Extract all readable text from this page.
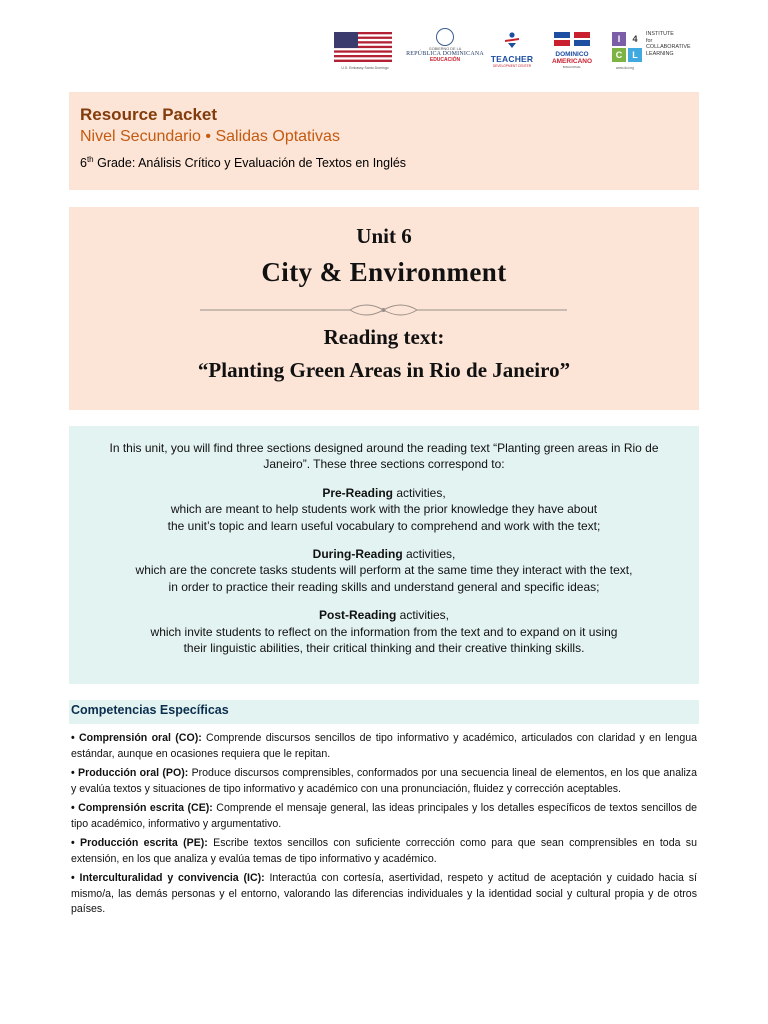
U.S. Embassy Santo Domingo
GOBIERNO DE LA
REPÚBLICA DOMINICANA
EDUCACIÓN	TEACHER
DEVELOPMENT CENTER
DOMINICO
AMERICANO
BINACIONAL
I	4
C	L
INSTITUTE
for
COLLABORATIVE
LEARNING
www.i4cl.org
Resource Packet
Nivel Secundario • Salidas Optativas
6th Grade: Análisis Crítico y Evaluación de Textos en Inglés
Unit 6
City & Environment
Reading text:
“Planting Green Areas in Rio de Janeiro”

In this unit, you will find three sections designed around the reading text “Planting green areas in Rio de

Janeiro”. These three sections correspond to:

Pre-Reading activities,

which are meant to help students work with the prior knowledge they have about

the unit’s topic and learn useful vocabulary to comprehend and work with the text;

During-Reading activities,

which are the concrete tasks students will perform at the same time they interact with the text,

in order to practice their reading skills and understand general and specific ideas;

Post-Reading activities,

which invite students to reflect on the information from the text and to expand on it using

their linguistic abilities, their critical thinking and their creative thinking skills.

Competencias Específicas
• Comprensión oral (CO): Comprende discursos sencillos de tipo informativo y académico, articulados con claridad y en lengua estándar, aunque en ocasiones requiera que le repitan.
• Producción oral (PO): Produce discursos comprensibles, conformados por una secuencia lineal de elementos, en los que analiza y evalúa textos y situaciones de tipo informativo y académico con una pronunciación, fluidez y corrección aceptables.
• Comprensión escrita (CE): Comprende el mensaje general, las ideas principales y los detalles específicos de textos sencillos de tipo académico, informativo y argumentativo.
• Producción escrita (PE): Escribe textos sencillos con suficiente corrección como para que sean comprensibles en toda su extensión, en los que analiza y evalúa temas de tipo informativo y académico.
• Interculturalidad y convivencia (IC): Interactúa con cortesía, asertividad, respeto y actitud de aceptación y cuidado hacia sí mismo/a, las demás personas y el entorno, valorando las diferencias individuales y la identidad social y cultural propia y de otros países.
